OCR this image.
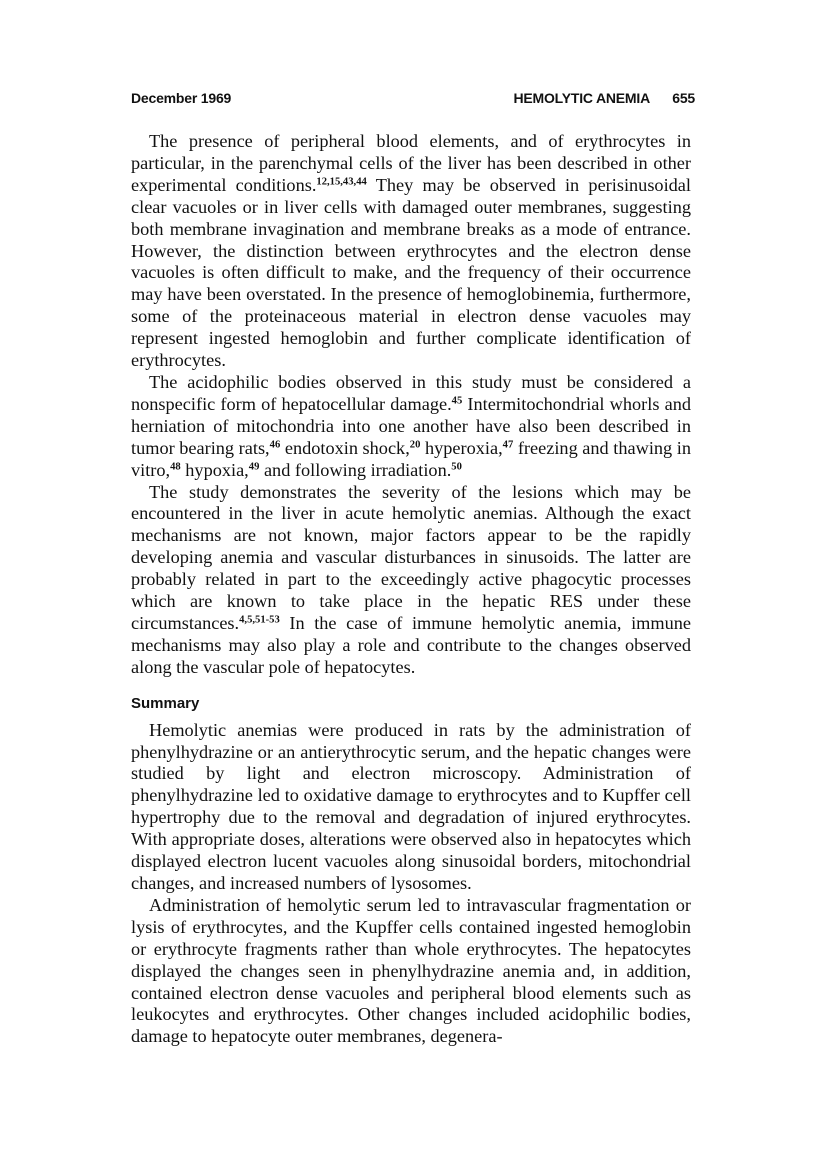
December 1969	HEMOLYTIC ANEMIA 655

The presence of peripheral blood elements, and of erythrocytes in particular, in the parenchymal cells of the liver has been described in other experimental conditions.$^{12,15,43,44}$ They may be observed in perisinusoidal clear vacuoles or in liver cells with damaged outer membranes, suggesting both membrane invagination and membrane breaks as a mode of entrance. However, the distinction between erythrocytes and the electron dense vacuoles is often difficult to make, and the frequency of their occurrence may have been overstated. In the presence of hemoglobinemia, furthermore, some of the proteinaceous material in electron dense vacuoles may represent ingested hemoglobin and further complicate identification of erythrocytes.

The acidophilic bodies observed in this study must be considered a nonspecific form of hepatocellular damage.$^{45}$ Intermitochondrial whorls and herniation of mitochondria into one another have also been described in tumor bearing rats,$^{46}$ endotoxin shock,$^{20}$ hyperoxia,$^{47}$ freezing and thawing in vitro,$^{48}$ hypoxia,$^{49}$ and following irradiation.$^{50}$

The study demonstrates the severity of the lesions which may be encountered in the liver in acute hemolytic anemias. Although the exact mechanisms are not known, major factors appear to be the rapidly developing anemia and vascular disturbances in sinusoids. The latter are probably related in part to the exceedingly active phagocytic processes which are known to take place in the hepatic RES under these circumstances.$^{4,5,51-53}$ In the case of immune hemolytic anemia, immune mechanisms may also play a role and contribute to the changes observed along the vascular pole of hepatocytes.

Summary

Hemolytic anemias were produced in rats by the administration of phenylhydrazine or an antierythrocytic serum, and the hepatic changes were studied by light and electron microscopy. Administration of phenylhydrazine led to oxidative damage to erythrocytes and to Kupffer cell hypertrophy due to the removal and degradation of injured erythrocytes. With appropriate doses, alterations were observed also in hepatocytes which displayed electron lucent vacuoles along sinusoidal borders, mitochondrial changes, and increased numbers of lysosomes.

Administration of hemolytic serum led to intravascular fragmentation or lysis of erythrocytes, and the Kupffer cells contained ingested hemoglobin or erythrocyte fragments rather than whole erythrocytes. The hepatocytes displayed the changes seen in phenylhydrazine anemia and, in addition, contained electron dense vacuoles and peripheral blood elements such as leukocytes and erythrocytes. Other changes included acidophilic bodies, damage to hepatocyte outer membranes, degenera-
